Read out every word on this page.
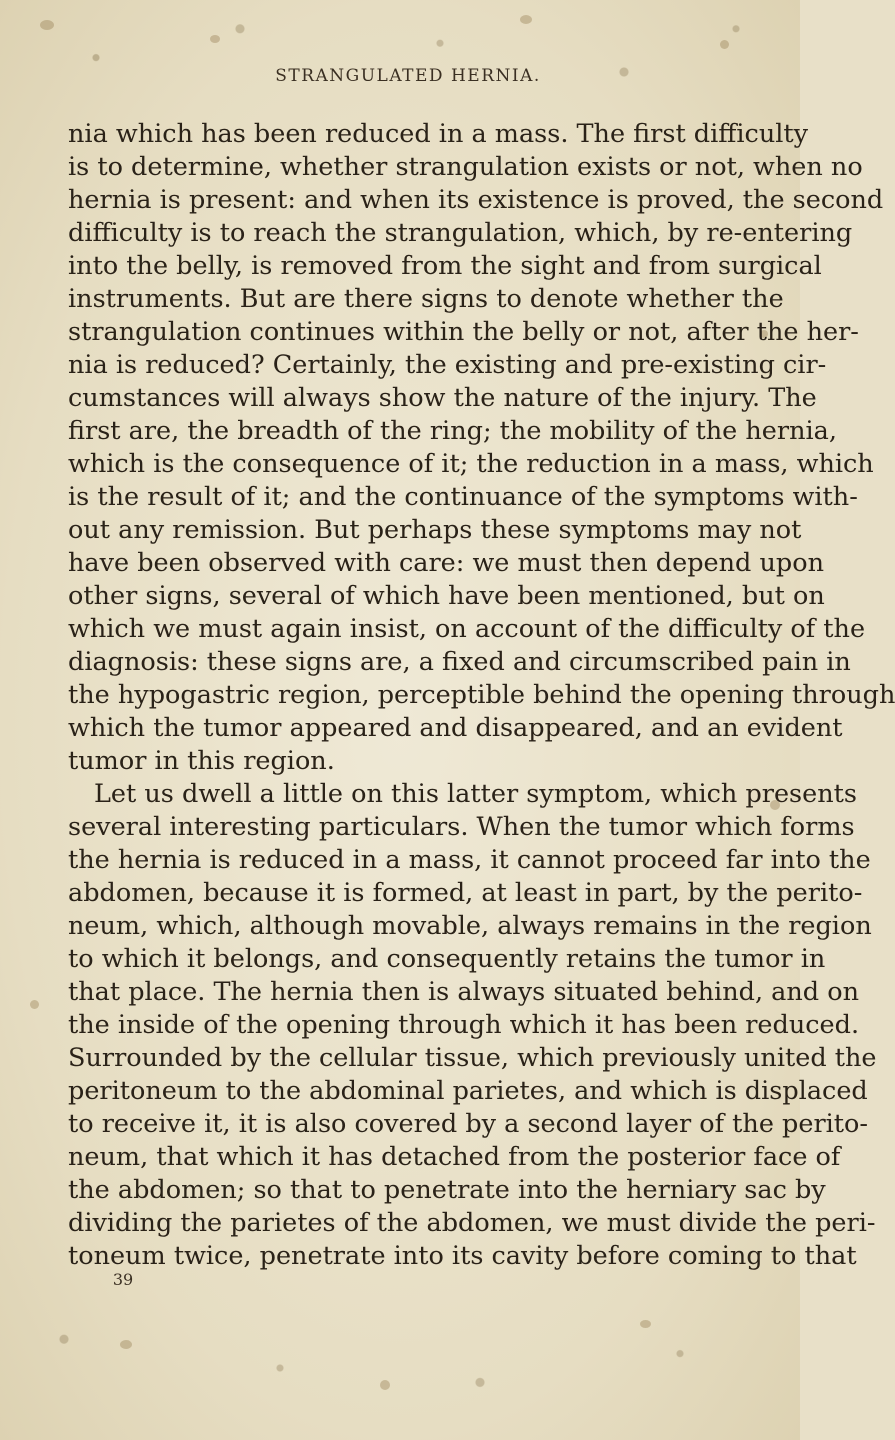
STRANGULATED HERNIA.
nia which has been reduced in a mass. The first difficulty
is to determine, whether strangulation exists or not, when no
hernia is present: and when its existence is proved, the second
difficulty is to reach the strangulation, which, by re-entering
into the belly, is removed from the sight and from surgical
instruments. But are there signs to denote whether the
strangulation continues within the belly or not, after the her-
nia is reduced? Certainly, the existing and pre-existing cir-
cumstances will always show the nature of the injury. The
first are, the breadth of the ring; the mobility of the hernia,
which is the consequence of it; the reduction in a mass, which
is the result of it; and the continuance of the symptoms with-
out any remission. But perhaps these symptoms may not
have been observed with care: we must then depend upon
other signs, several of which have been mentioned, but on
which we must again insist, on account of the difficulty of the
diagnosis: these signs are, a fixed and circumscribed pain in
the hypogastric region, perceptible behind the opening through
which the tumor appeared and disappeared, and an evident
tumor in this region.
Let us dwell a little on this latter symptom, which presents
several interesting particulars. When the tumor which forms
the hernia is reduced in a mass, it cannot proceed far into the
abdomen, because it is formed, at least in part, by the perito-
neum, which, although movable, always remains in the region
to which it belongs, and consequently retains the tumor in
that place. The hernia then is always situated behind, and on
the inside of the opening through which it has been reduced.
Surrounded by the cellular tissue, which previously united the
peritoneum to the abdominal parietes, and which is displaced
to receive it, it is also covered by a second layer of the perito-
neum, that which it has detached from the posterior face of
the abdomen; so that to penetrate into the herniary sac by
dividing the parietes of the abdomen, we must divide the peri-
toneum twice, penetrate into its cavity before coming to that
39
